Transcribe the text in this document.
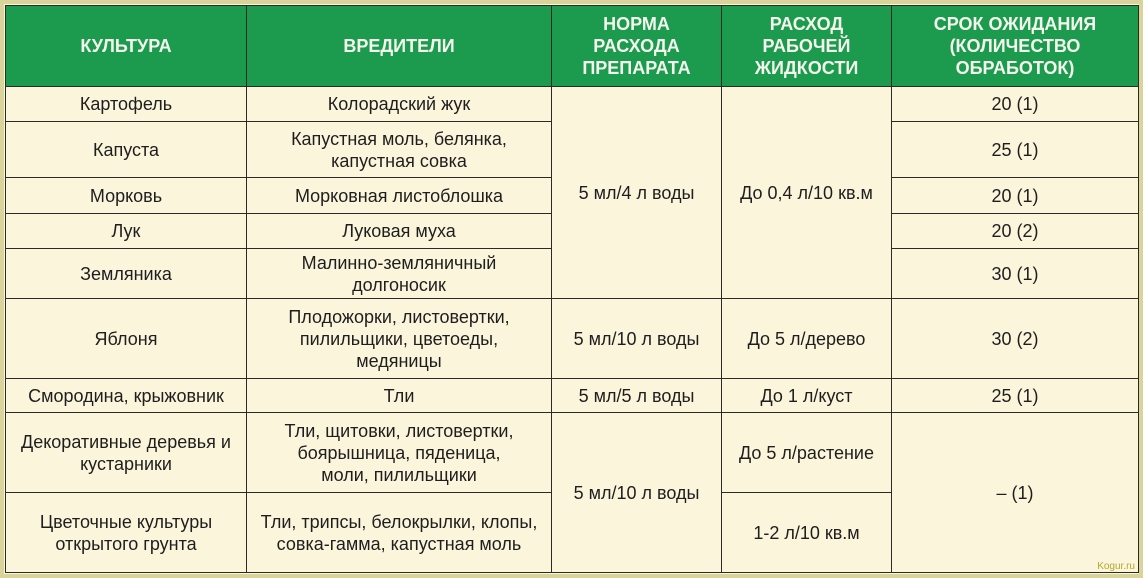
КУЛЬТУРА	ВРЕДИТЕЛИ	НОРМА РАСХОДА ПРЕПАРАТА	РАСХОД РАБОЧЕЙ ЖИДКОСТИ	СРОК ОЖИДАНИЯ (КОЛИЧЕСТВО ОБРАБОТОК)
Картофель	Колорадский жук	5 мл/4 л воды	До 0,4 л/10 кв.м	20 (1)
Капуста	Капустная моль, белянка, капустная совка			25 (1)
Морковь	Морковная листоблошка			20 (1)
Лук	Луковая муха			20 (2)
Земляника	Малинно-земляничный долгоносик			30 (1)
Яблоня	Плодожорки, листовертки, пилильщики, цветоеды, медяницы	5 мл/10 л воды	До 5 л/дерево	30 (2)
Смородина, крыжовник	Тли	5 мл/5 л воды	До 1 л/куст	25 (1)
Декоративные деревья и кустарники	Тли, щитовки, листовертки, боярышница, пяденица, моли, пилильщики	5 мл/10 л воды	До 5 л/растение	– (1)
Цветочные культуры открытого грунта	Тли, трипсы, белокрылки, клопы, совка-гамма, капустная моль		1-2 л/10 кв.м	
Kogur.ru
